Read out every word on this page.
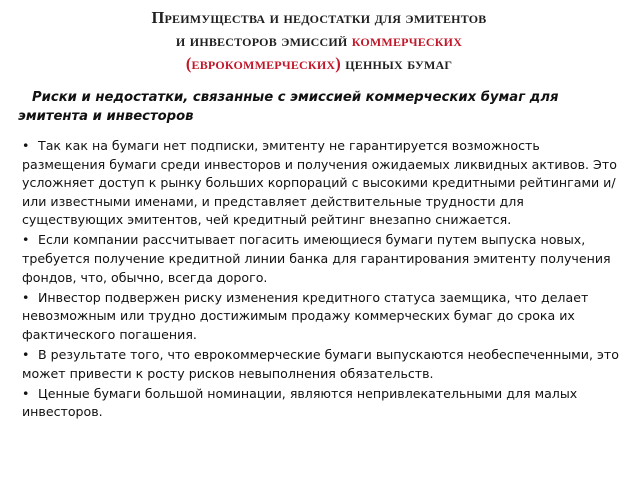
Преимущества и недостатки для эмитентов
и инвесторов эмиссий коммерческих
(еврокоммерческих) ценных бумаг
Риски и недостатки, связанные с эмиссией коммерческих бумаг для эмитента и инвесторов
• Так как на бумаги нет подписки, эмитенту не гарантируется возможность размещения бумаги среди инвесторов и получения ожидаемых ликвидных активов. Это усложняет доступ к рынку больших корпораций с высокими кредитными рейтингами и/или известными именами, и представляет действительные трудности для существующих эмитентов, чей кредитный рейтинг внезапно снижается.
• Если компании рассчитывает погасить имеющиеся бумаги путем выпуска новых, требуется получение кредитной линии банка для гарантирования эмитенту получения фондов, что, обычно, всегда дорого.
• Инвестор подвержен риску изменения кредитного статуса заемщика, что делает невозможным или трудно достижимым продажу коммерческих бумаг до срока их фактического погашения.
• В результате того, что еврокоммерческие бумаги выпускаются необеспеченными, это может привести к росту рисков невыполнения обязательств.
• Ценные бумаги большой номинации, являются непривлекательными для малых инвесторов.
